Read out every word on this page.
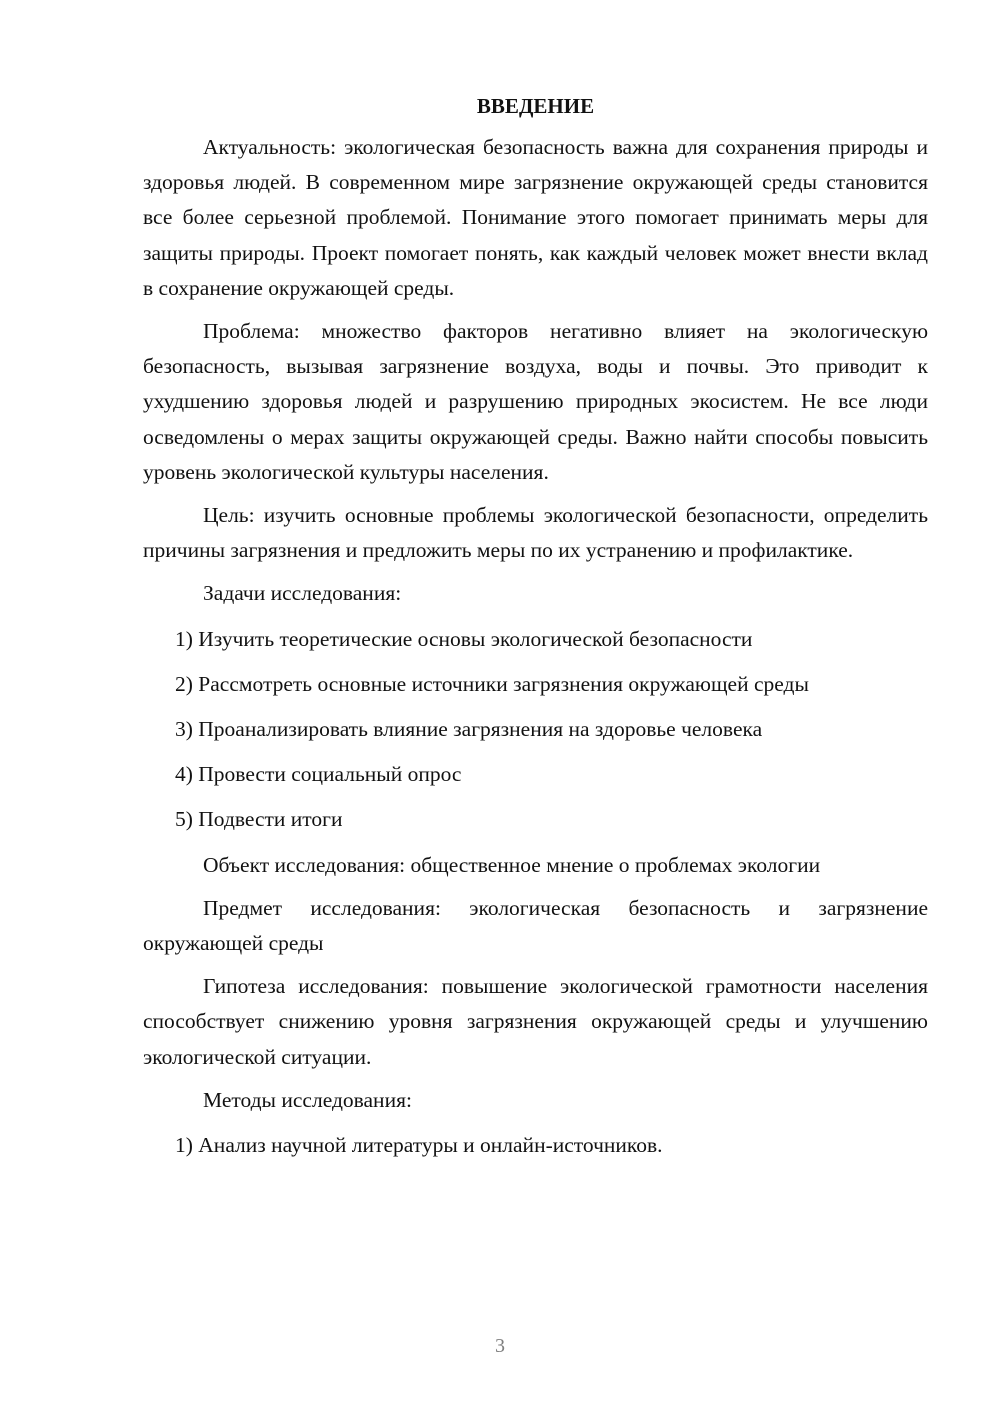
ВВЕДЕНИЕ

Актуальность: экологическая безопасность важна для сохранения природы и здоровья людей. В современном мире загрязнение окружающей среды становится все более серьезной проблемой. Понимание этого помогает принимать меры для защиты природы. Проект помогает понять, как каждый человек может внести вклад в сохранение окружающей среды.

Проблема: множество факторов негативно влияет на экологическую безопасность, вызывая загрязнение воздуха, воды и почвы. Это приводит к ухудшению здоровья людей и разрушению природных экосистем. Не все люди осведомлены о мерах защиты окружающей среды. Важно найти способы повысить уровень экологической культуры населения.

Цель: изучить основные проблемы экологической безопасности, определить причины загрязнения и предложить меры по их устранению и профилактике.

Задачи исследования:

1) Изучить теоретические основы экологической безопасности
2) Рассмотреть основные источники загрязнения окружающей среды
3) Проанализировать влияние загрязнения на здоровье человека
4) Провести социальный опрос
5) Подвести итоги

Объект исследования: общественное мнение о проблемах экологии

Предмет исследования: экологическая безопасность и загрязнение окружающей среды

Гипотеза исследования: повышение экологической грамотности населения способствует снижению уровня загрязнения окружающей среды и улучшению экологической ситуации.

Методы исследования:

1) Анализ научной литературы и онлайн-источников.
3
